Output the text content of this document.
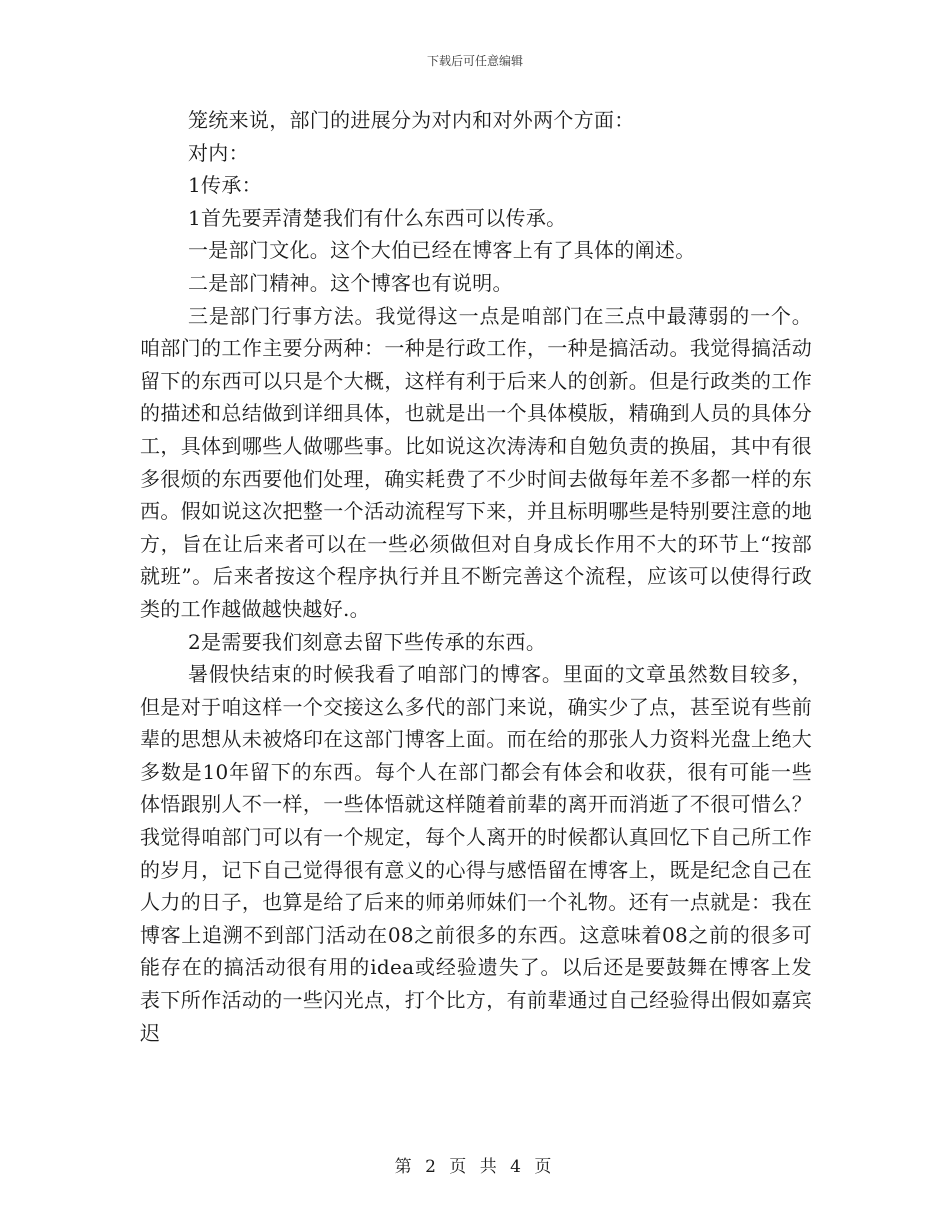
下载后可任意编辑

笼统来说，部门的进展分为对内和对外两个方面：

对内：

1传承：

1首先要弄清楚我们有什么东西可以传承。

一是部门文化。这个大伯已经在博客上有了具体的阐述。

二是部门精神。这个博客也有说明。

三是部门行事方法。我觉得这一点是咱部门在三点中最薄弱的一个。咱部门的工作主要分两种：一种是行政工作，一种是搞活动。我觉得搞活动留下的东西可以只是个大概，这样有利于后来人的创新。但是行政类的工作的描述和总结做到详细具体，也就是出一个具体模版，精确到人员的具体分工，具体到哪些人做哪些事。比如说这次涛涛和自勉负责的换届，其中有很多很烦的东西要他们处理，确实耗费了不少时间去做每年差不多都一样的东西。假如说这次把整一个活动流程写下来，并且标明哪些是特别要注意的地方，旨在让后来者可以在一些必须做但对自身成长作用不大的环节上“按部就班”。后来者按这个程序执行并且不断完善这个流程，应该可以使得行政类的工作越做越快越好.。

2是需要我们刻意去留下些传承的东西。

暑假快结束的时候我看了咱部门的博客。里面的文章虽然数目较多，但是对于咱这样一个交接这么多代的部门来说，确实少了点，甚至说有些前辈的思想从未被烙印在这部门博客上面。而在给的那张人力资料光盘上绝大多数是10年留下的东西。每个人在部门都会有体会和收获，很有可能一些体悟跟别人不一样，一些体悟就这样随着前辈的离开而消逝了不很可惜么？我觉得咱部门可以有一个规定，每个人离开的时候都认真回忆下自己所工作的岁月，记下自己觉得很有意义的心得与感悟留在博客上，既是纪念自己在人力的日子，也算是给了后来的师弟师妹们一个礼物。还有一点就是：我在博客上追溯不到部门活动在08之前很多的东西。这意味着08之前的很多可能存在的搞活动很有用的idea或经验遗失了。以后还是要鼓舞在博客上发表下所作活动的一些闪光点，打个比方，有前辈通过自己经验得出假如嘉宾迟

第 2 页 共 4 页
